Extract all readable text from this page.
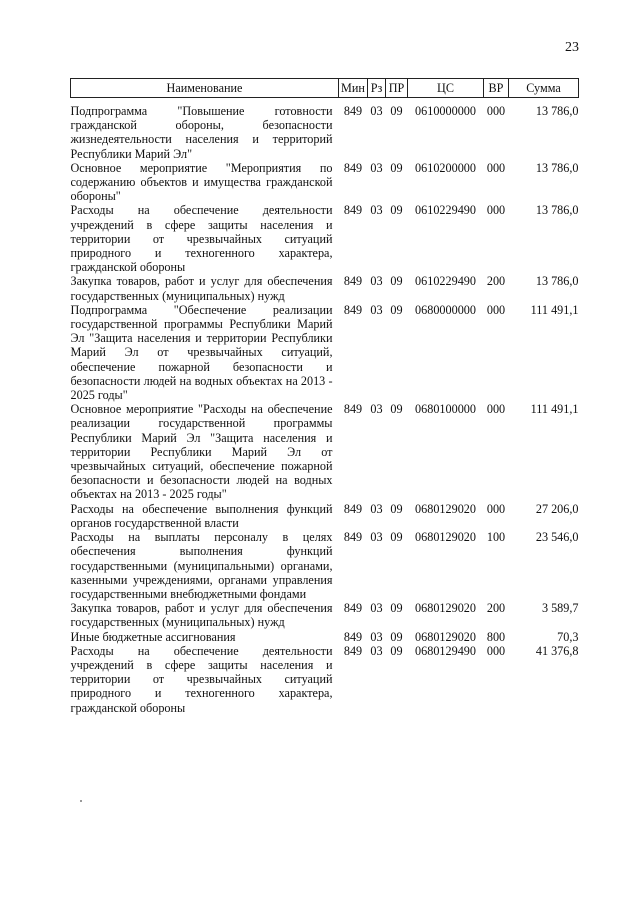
23
Наименование	Мин	Рз	ПР	ЦС	ВР	Сумма
Подпрограмма "Повышение готовности гражданской обороны, безопасности жизнедеятельности населения и территорий Республики Марий Эл"	849	03	09	0610000000	000	13 786,0
Основное мероприятие "Мероприятия по содержанию объектов и имущества гражданской обороны"	849	03	09	0610200000	000	13 786,0
Расходы на обеспечение деятельности учреждений в сфере защиты населения и территории от чрезвычайных ситуаций природного и техногенного характера, гражданской обороны	849	03	09	0610229490	000	13 786,0
Закупка товаров, работ и услуг для обеспечения государственных (муниципальных) нужд	849	03	09	0610229490	200	13 786,0
Подпрограмма "Обеспечение реализации государственной программы Республики Марий Эл "Защита населения и территории Республики Марий Эл от чрезвычайных ситуаций, обеспечение пожарной безопасности и безопасности людей на водных объектах на 2013 - 2025 годы"	849	03	09	0680000000	000	111 491,1
Основное мероприятие "Расходы на обеспечение реализации государственной программы Республики Марий Эл "Защита населения и территории Республики Марий Эл от чрезвычайных ситуаций, обеспечение пожарной безопасности и безопасности людей на водных объектах на 2013 - 2025 годы"	849	03	09	0680100000	000	111 491,1
Расходы на обеспечение выполнения функций органов государственной власти	849	03	09	0680129020	000	27 206,0
Расходы на выплаты персоналу в целях обеспечения выполнения функций государственными (муниципальными) органами, казенными учреждениями, органами управления государственными внебюджетными фондами	849	03	09	0680129020	100	23 546,0
Закупка товаров, работ и услуг для обеспечения государственных (муниципальных) нужд	849	03	09	0680129020	200	3 589,7
Иные бюджетные ассигнования	849	03	09	0680129020	800	70,3
Расходы на обеспечение деятельности учреждений в сфере защиты населения и территории от чрезвычайных ситуаций природного и техногенного характера, гражданской обороны	849	03	09	0680129490	000	41 376,8
